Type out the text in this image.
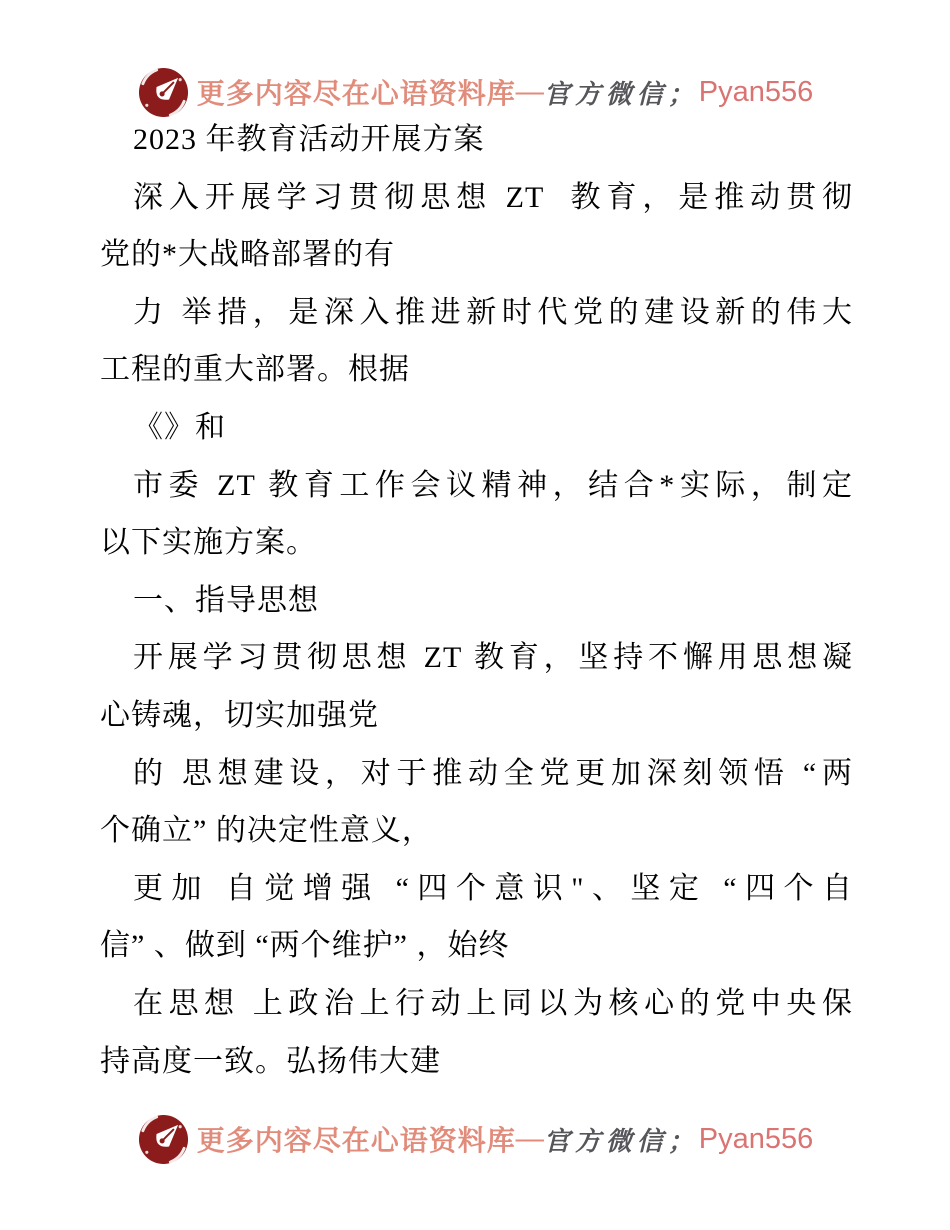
更多内容尽在心语资料库 — 官方微信； Pyan556
2023 年教育活动开展方案
深入开展学习贯彻思想 ZT  教育，是推动贯彻
党的*大战略部署的有
力 举措，是深入推进新时代党的建设新的伟大
工程的重大部署。根据
《》和
市委 ZT 教育工作会议精神，结合*实际，制定
以下实施方案。
一、指导思想
开展学习贯彻思想 ZT 教育，坚持不懈用思想凝
心铸魂，切实加强党
的 思想建设，对于推动全党更加深刻领悟 “两
个确立” 的决定性意义，
更加 自觉增强 “四个意识"、坚定 “四个自
信” 、做到 “两个维护” ，始终
在思想 上政治上行动上同以为核心的党中央保
持高度一致。弘扬伟大建
更多内容尽在心语资料库 — 官方微信； Pyan556
